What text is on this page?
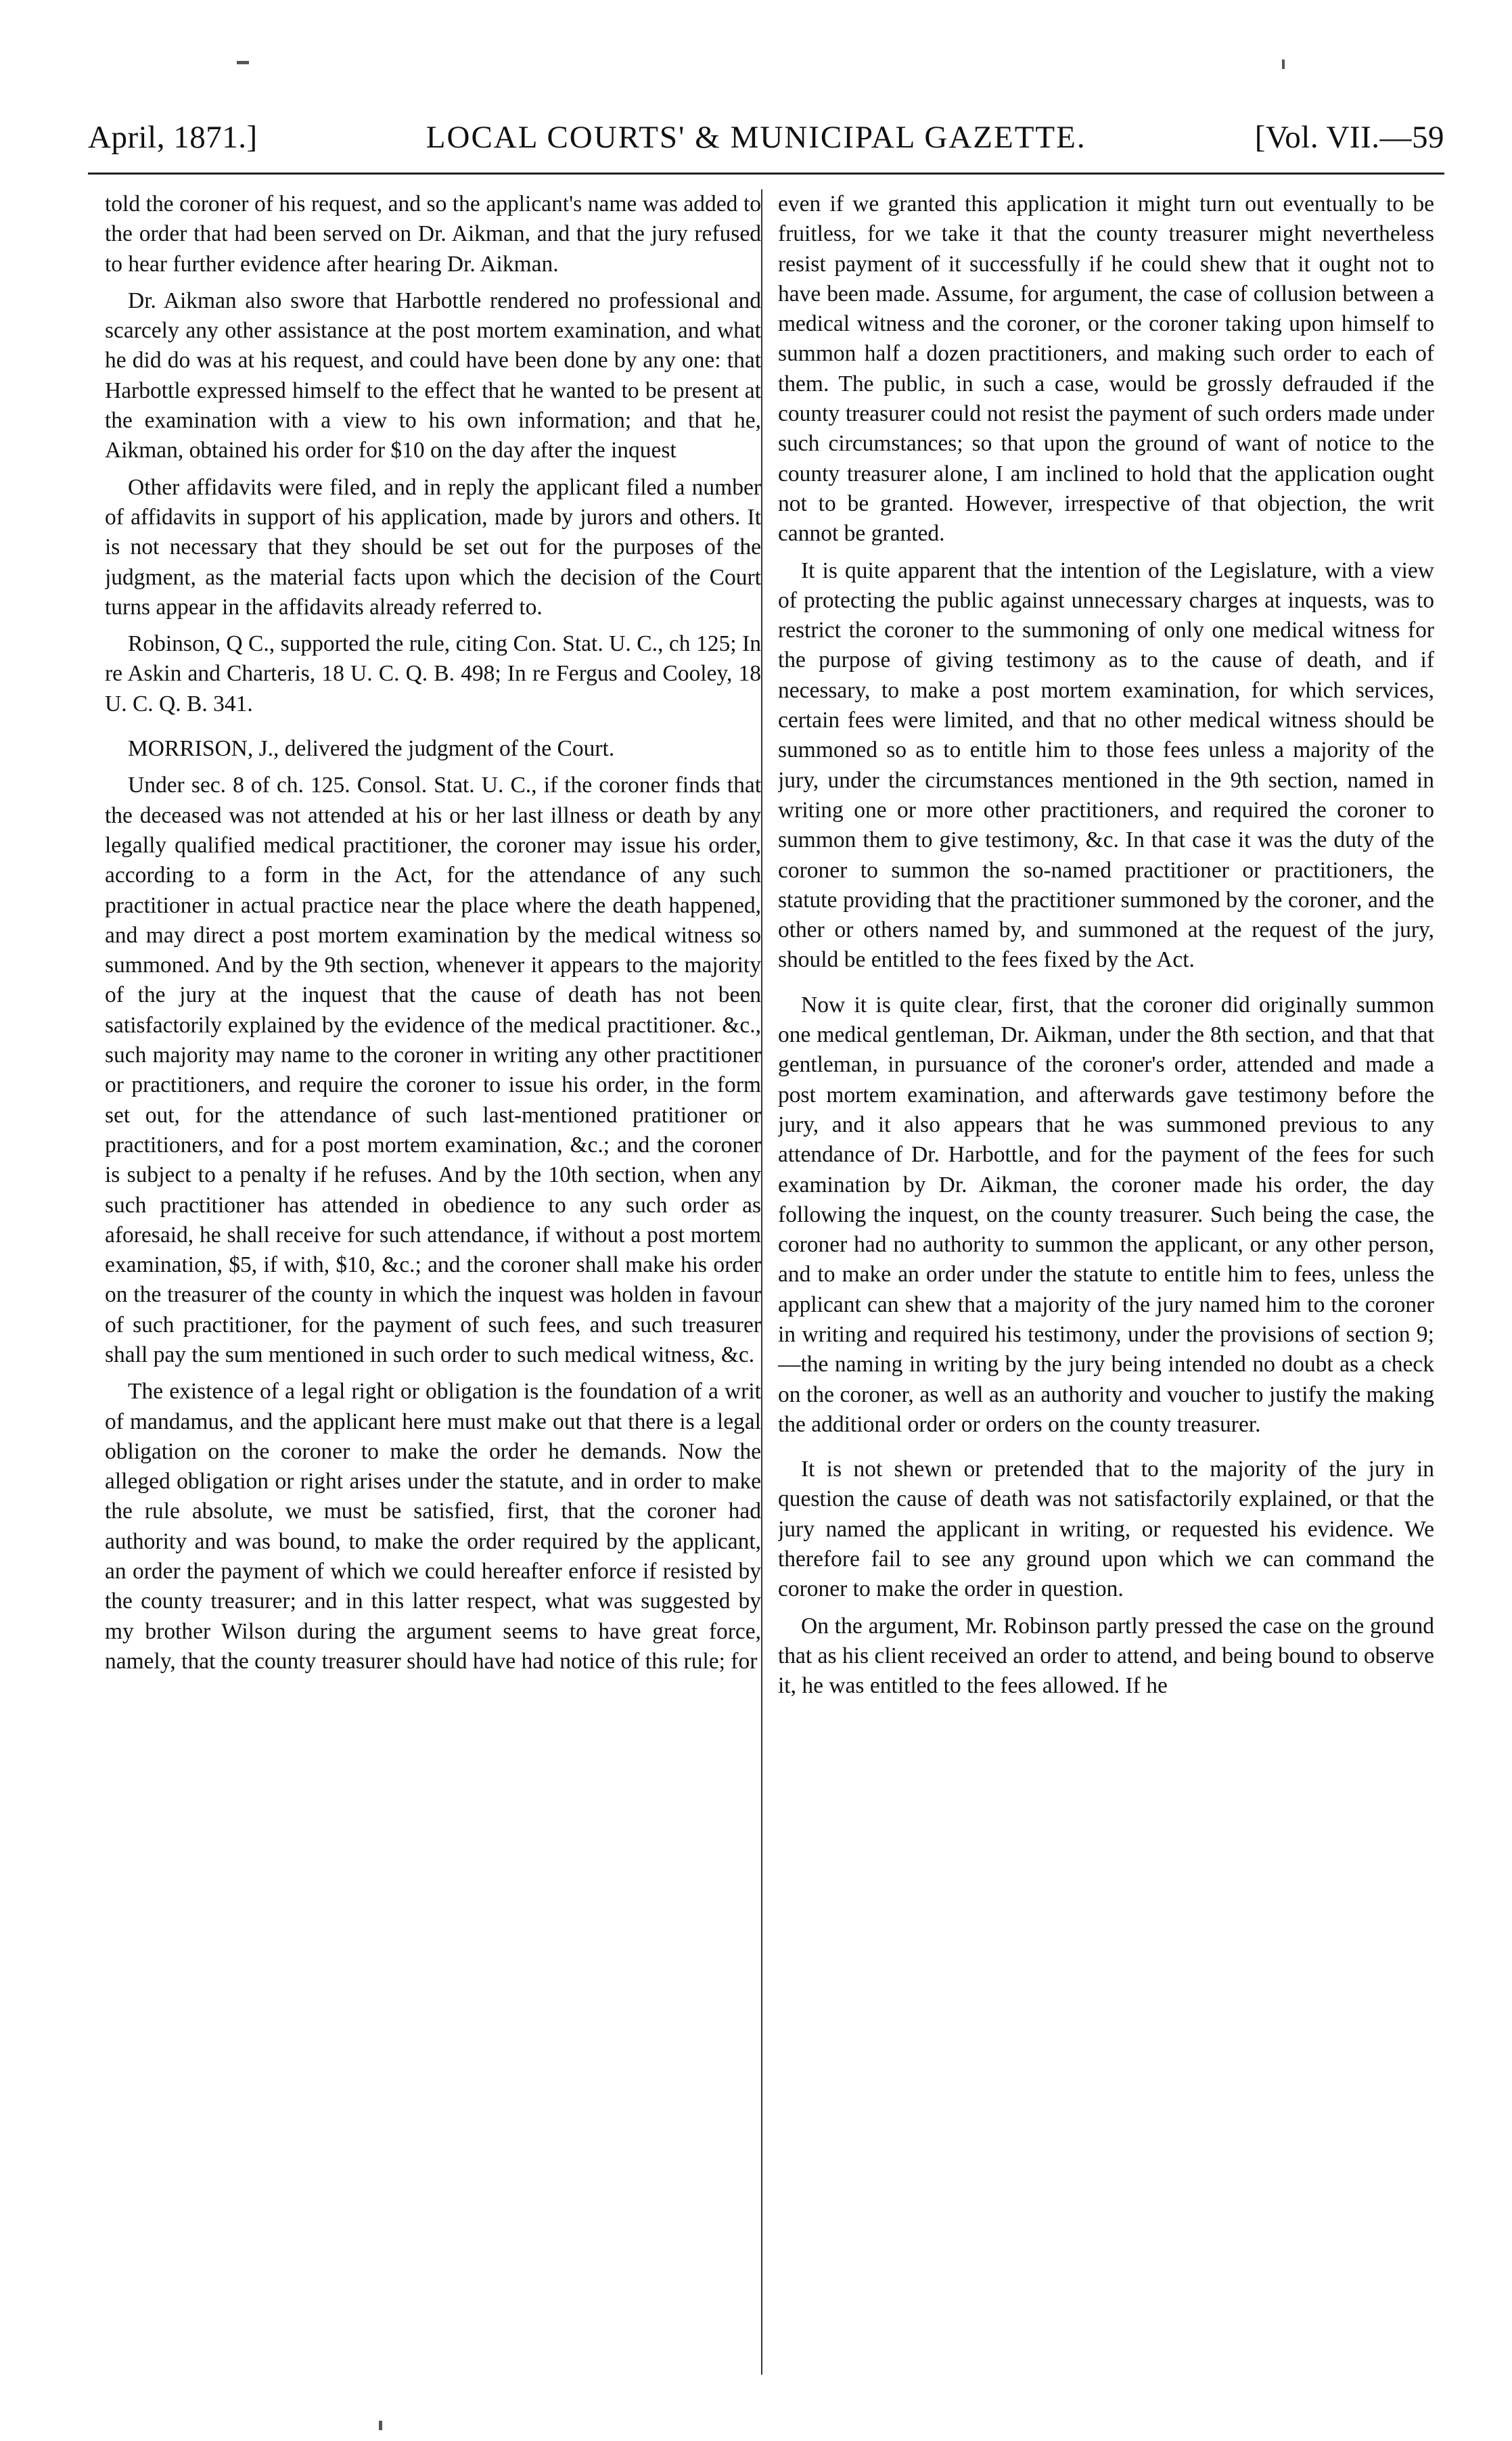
April, 1871.]	LOCAL COURTS' & MUNICIPAL GAZETTE.	[Vol. VII.—59

told the coroner of his request, and so the applicant's name was added to the order that had been served on Dr. Aikman, and that the jury refused to hear further evidence after hearing Dr. Aikman.

Dr. Aikman also swore that Harbottle rendered no professional and scarcely any other assistance at the post mortem examination, and what he did do was at his request, and could have been done by any one: that Harbottle expressed himself to the effect that he wanted to be present at the examination with a view to his own information; and that he, Aikman, obtained his order for $10 on the day after the inquest

Other affidavits were filed, and in reply the applicant filed a number of affidavits in support of his application, made by jurors and others. It is not necessary that they should be set out for the purposes of the judgment, as the material facts upon which the decision of the Court turns appear in the affidavits already referred to.

Robinson, Q C., supported the rule, citing Con. Stat. U. C., ch 125; In re Askin and Charteris, 18 U. C. Q. B. 498; In re Fergus and Cooley, 18 U. C. Q. B. 341.

MORRISON, J., delivered the judgment of the Court.

Under sec. 8 of ch. 125. Consol. Stat. U. C., if the coroner finds that the deceased was not attended at his or her last illness or death by any legally qualified medical practitioner, the coroner may issue his order, according to a form in the Act, for the attendance of any such practitioner in actual practice near the place where the death happened, and may direct a post mortem examination by the medical witness so summoned. And by the 9th section, whenever it appears to the majority of the jury at the inquest that the cause of death has not been satisfactorily explained by the evidence of the medical practitioner. &c., such majority may name to the coroner in writing any other practitioner or practitioners, and require the coroner to issue his order, in the form set out, for the attendance of such last-mentioned pratitioner or practitioners, and for a post mortem examination, &c.; and the coroner is subject to a penalty if he refuses. And by the 10th section, when any such practitioner has attended in obedience to any such order as aforesaid, he shall receive for such attendance, if without a post mortem examination, $5, if with, $10, &c.; and the coroner shall make his order on the treasurer of the county in which the inquest was holden in favour of such practitioner, for the payment of such fees, and such treasurer shall pay the sum mentioned in such order to such medical witness, &c.

The existence of a legal right or obligation is the foundation of a writ of mandamus, and the applicant here must make out that there is a legal obligation on the coroner to make the order he demands. Now the alleged obligation or right arises under the statute, and in order to make the rule absolute, we must be satisfied, first, that the coroner had authority and was bound, to make the order required by the applicant, an order the payment of which we could hereafter enforce if resisted by the county treasurer; and in this latter respect, what was suggested by my brother Wilson during the argument seems to have great force, namely, that the county treasurer should have had notice of this rule; for

even if we granted this application it might turn out eventually to be fruitless, for we take it that the county treasurer might nevertheless resist payment of it successfully if he could shew that it ought not to have been made. Assume, for argument, the case of collusion between a medical witness and the coroner, or the coroner taking upon himself to summon half a dozen practitioners, and making such order to each of them. The public, in such a case, would be grossly defrauded if the county treasurer could not resist the payment of such orders made under such circumstances; so that upon the ground of want of notice to the county treasurer alone, I am inclined to hold that the application ought not to be granted. However, irrespective of that objection, the writ cannot be granted.

It is quite apparent that the intention of the Legislature, with a view of protecting the public against unnecessary charges at inquests, was to restrict the coroner to the summoning of only one medical witness for the purpose of giving testimony as to the cause of death, and if necessary, to make a post mortem examination, for which services, certain fees were limited, and that no other medical witness should be summoned so as to entitle him to those fees unless a majority of the jury, under the circumstances mentioned in the 9th section, named in writing one or more other practitioners, and required the coroner to summon them to give testimony, &c. In that case it was the duty of the coroner to summon the so-named practitioner or practitioners, the statute providing that the practitioner summoned by the coroner, and the other or others named by, and summoned at the request of the jury, should be entitled to the fees fixed by the Act.

Now it is quite clear, first, that the coroner did originally summon one medical gentleman, Dr. Aikman, under the 8th section, and that that gentleman, in pursuance of the coroner's order, attended and made a post mortem examination, and afterwards gave testimony before the jury, and it also appears that he was summoned previous to any attendance of Dr. Harbottle, and for the payment of the fees for such examination by Dr. Aikman, the coroner made his order, the day following the inquest, on the county treasurer. Such being the case, the coroner had no authority to summon the applicant, or any other person, and to make an order under the statute to entitle him to fees, unless the applicant can shew that a majority of the jury named him to the coroner in writing and required his testimony, under the provisions of section 9; —the naming in writing by the jury being intended no doubt as a check on the coroner, as well as an authority and voucher to justify the making the additional order or orders on the county treasurer.

It is not shewn or pretended that to the majority of the jury in question the cause of death was not satisfactorily explained, or that the jury named the applicant in writing, or requested his evidence. We therefore fail to see any ground upon which we can command the coroner to make the order in question.

On the argument, Mr. Robinson partly pressed the case on the ground that as his client received an order to attend, and being bound to observe it, he was entitled to the fees allowed. If he
